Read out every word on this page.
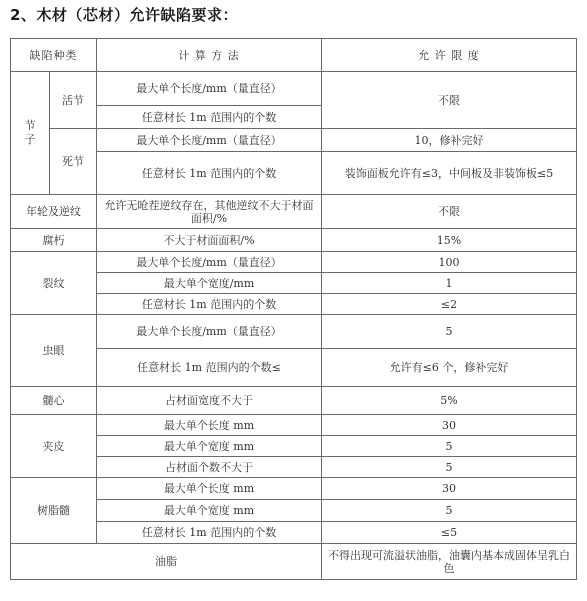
2、木材（芯材）允许缺陷要求：
缺陷种类		计 算 方 法	允 许 限 度
节子	活节	最大单个长度/mm（量直径）	不限
		任意材长 1m 范围内的个数	
	死节	最大单个长度/mm（量直径）	10，修补完好
		任意材长 1m 范围内的个数	装饰面板允许有≤3，中间板及非装饰板≤5
年轮及逆纹		允许无呛茬逆纹存在，其他逆纹不大于材面面积/%	不限
腐朽		不大于材面面积/%	15%
裂纹		最大单个长度/mm（量直径）	100
		最大单个宽度/mm	1
		任意材长 1m 范围内的个数	≤2
虫眼		最大单个长度/mm（量直径）	5
		任意材长 1m 范围内的个数≤	允许有≤6 个，修补完好
髓心		占材面宽度不大于	5%
夹皮		最大单个长度 mm	30
		最大单个宽度 mm	5
		占材面个数不大于	5
树脂髓		最大单个长度 mm	30
		最大单个宽度 mm	5
		任意材长 1m 范围内的个数	≤5
油脂			不得出现可流溢状油脂，油囊内基本成固体呈乳白色
